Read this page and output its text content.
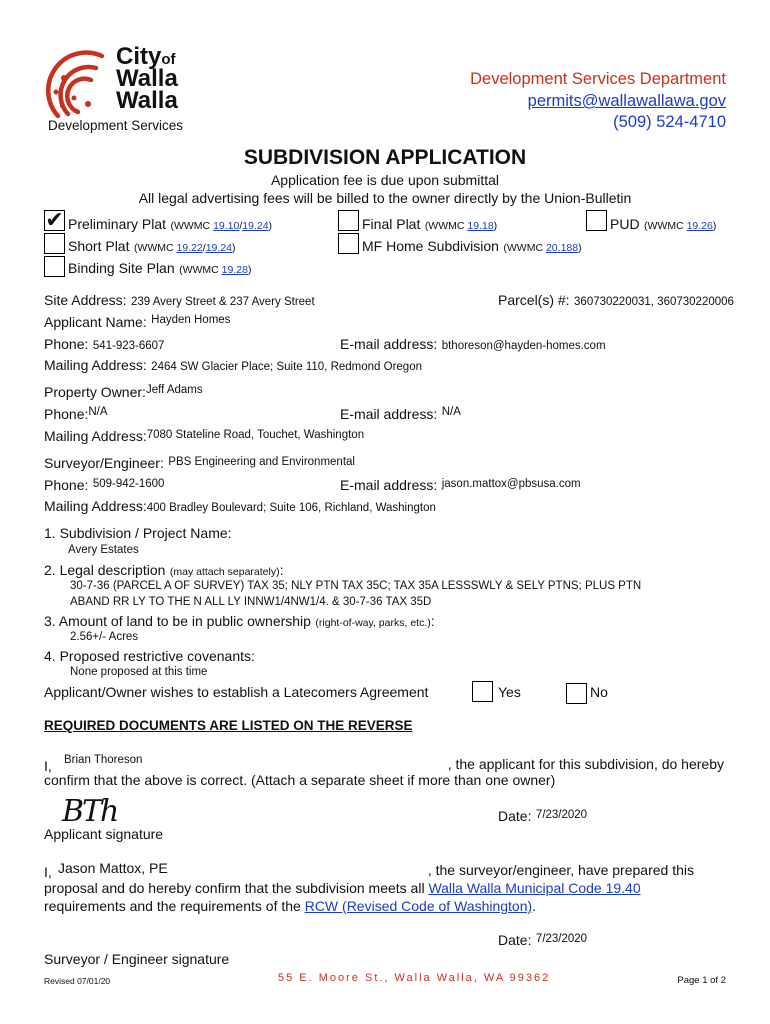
Cityof
Walla
Walla
Development Services
Development Services Department
permits@wallawallawa.gov
(509) 524-4710
SUBDIVISION APPLICATION
Application fee is due upon submittal
All legal advertising fees will be billed to the owner directly by the Union-Bulletin
✔ Preliminary Plat (WWMC 19.10/19.24)
Short Plat (WWMC 19.22/19.24)
Binding Site Plan (WWMC 19.28)
Final Plat (WWMC 19.18)
MF Home Subdivision (WWMC 20.188)
PUD (WWMC 19.26)
Site Address: 239 Avery Street & 237 Avery Street	Parcel(s) #: 360730220031, 360730220006
Applicant Name: $^{Hayden Homes}$
Phone: 541-923-6607	E-mail address: bthoreson@hayden-homes.com
Mailing Address: 2464 SW Glacier Place; Suite 110, Redmond Oregon
Property Owner:$^{Jeff Adams}$
Phone:$^{N/A}$	E-mail address: $^{N/A}$
Mailing Address:7080 Stateline Road, Touchet, Washington
Surveyor/Engineer: PBS Engineering and Environmental
Phone: 509-942-1600	E-mail address: jason.mattox@pbsusa.com
Mailing Address:400 Bradley Boulevard; Suite 106, Richland, Washington
1. Subdivision / Project Name:
Avery Estates
2. Legal description (may attach separately):
30-7-36 (PARCEL A OF SURVEY) TAX 35; NLY PTN TAX 35C; TAX 35A LESSSWLY & SELY PTNS; PLUS PTN
ABAND RR LY TO THE N ALL LY INNW1/4NW1/4. & 30-7-36 TAX 35D
3. Amount of land to be in public ownership (right-of-way, parks, etc.):
2.56+/- Acres
4. Proposed restrictive covenants:
None proposed at this time
Applicant/Owner wishes to establish a Latecomers Agreement	Yes	No
REQUIRED DOCUMENTS ARE LISTED ON THE REVERSE
I, Brian Thoreson	, the applicant for this subdivision, do hereby
confirm that the above is correct. (Attach a separate sheet if more than one owner)
BTh	Date: 7/23/2020
Applicant signature
I, Jason Mattox, PE	, the surveyor/engineer, have prepared this
proposal and do hereby confirm that the subdivision meets all Walla Walla Municipal Code 19.40
requirements and the requirements of the RCW (Revised Code of Washington).
Date: 7/23/2020
Surveyor / Engineer signature
Revised 07/01/20	55 E. Moore St., Walla Walla, WA 99362	Page 1 of 2
